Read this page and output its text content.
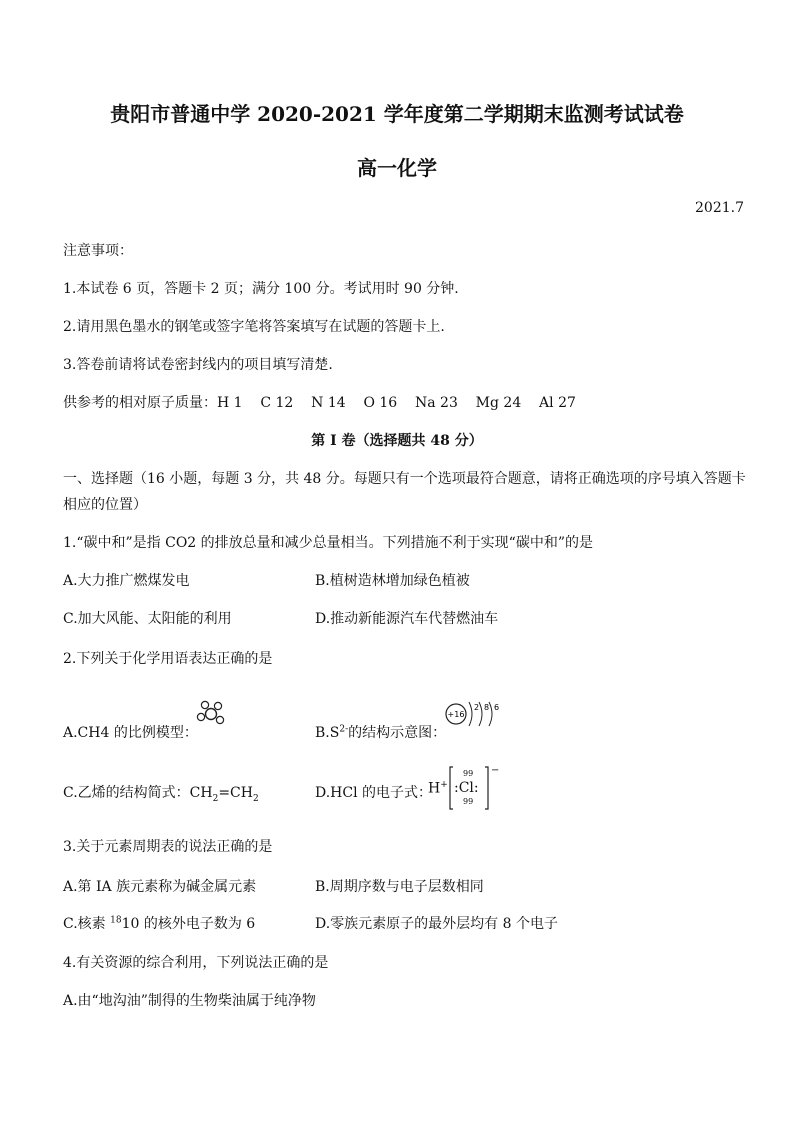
贵阳市普通中学 2020-2021 学年度第二学期期末监测考试试卷
高一化学
2021.7
注意事项：
1.本试卷 6 页，答题卡 2 页；满分 100 分。考试用时 90 分钟.
2.请用黑色墨水的钢笔或签字笔将答案填写在试题的答题卡上.
3.答卷前请将试卷密封线内的项目填写清楚.
供参考的相对原子质量：H 1    C 12    N 14    O 16    Na 23    Mg 24    Al 27
第 I 卷（选择题共 48 分）
一、选择题（16 小题，每题 3 分，共 48 分。每题只有一个选项最符合题意，请将正确选项的序号填入答题卡
相应的位置）
1.“碳中和”是指 CO2 的排放总量和减少总量相当。下列措施不利于实现“碳中和”的是
A.大力推广燃煤发电	B.植树造林增加绿色植被
C.加大风能、太阳能的利用	D.推动新能源汽车代替燃油车
2.下列关于化学用语表达正确的是
A.CH4 的比例模型：	$B.S^{2-}$的结构示意图：
+16
2 8 6
C.乙烯的结构简式：$CH_2=CH_2$	D.HCl 的电子式：
H+
−
99
:Cl:
99
3.关于元素周期表的说法正确的是
A.第 IA 族元素称为碱金属元素	B.周期序数与电子层数相同
C.核素 $^{18}$10 的核外电子数为 6	D.零族元素原子的最外层均有 8 个电子
4.有关资源的综合利用，下列说法正确的是
A.由“地沟油”制得的生物柴油属于纯净物
